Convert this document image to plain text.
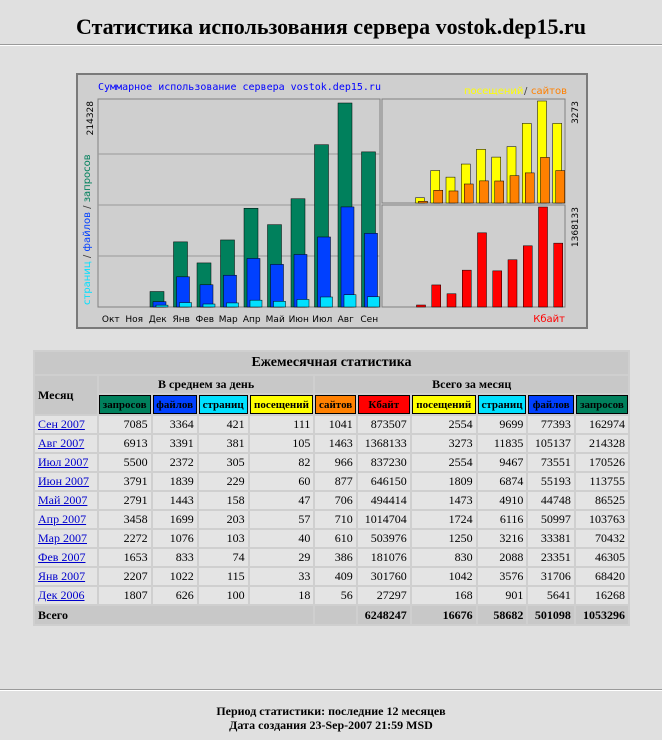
Статистика использования сервера vostok.dep15.ru
Суммарное использование сервера vostok.dep15.ru	посещений / сайтов
страниц / файлов / запросов
214328
Окт Ноя Дек Янв Фев Мар Апр Май Июн Июл Авг Сен
3273
1368133
Кбайт
Ежемесячная статистика										
Месяц	В среднем за день				Всего за месяц					
	запросов	файлов	страниц	посещений	сайтов	Кбайт	посещений	страниц	файлов	запросов
Сен 2007	7085	3364	421	111	1041	873507	2554	9699	77393	162974
Авг 2007	6913	3391	381	105	1463	1368133	3273	11835	105137	214328
Июл 2007	5500	2372	305	82	966	837230	2554	9467	73551	170526
Июн 2007	3791	1839	229	60	877	646150	1809	6874	55193	113755
Май 2007	2791	1443	158	47	706	494414	1473	4910	44748	86525
Апр 2007	3458	1699	203	57	710	1014704	1724	6116	50997	103763
Мар 2007	2272	1076	103	40	610	503976	1250	3216	33381	70432
Фев 2007	1653	833	74	29	386	181076	830	2088	23351	46305
Янв 2007	2207	1022	115	33	409	301760	1042	3576	31706	68420
Дек 2006	1807	626	100	18	56	27297	168	901	5641	16268
Всего						6248247	16676	58682	501098	1053296
Период статистики: последние 12 месяцев
Дата создания 23-Sep-2007 21:59 MSD
